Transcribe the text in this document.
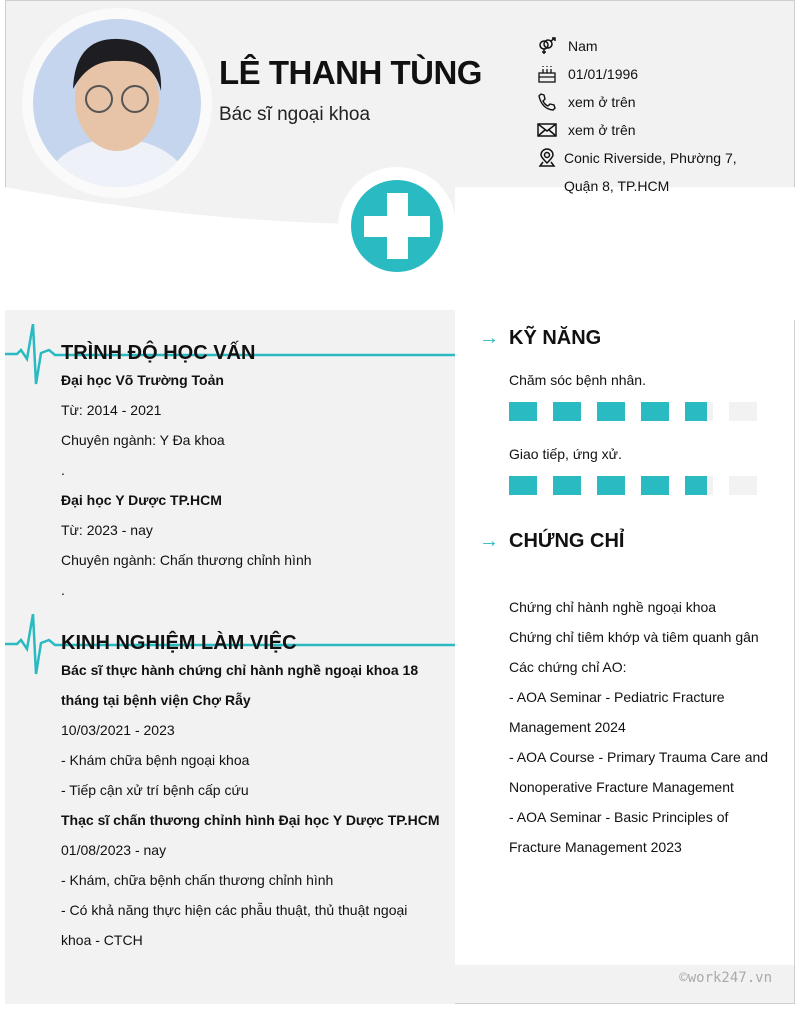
LÊ THANH TÙNG
Bác sĩ ngoại khoa
→ KỸ NĂNG
Chăm sóc bệnh nhân.
Giao tiếp, ứng xử.
→ CHỨNG CHỈ
Chứng chỉ hành nghề ngoại khoa
Chứng chỉ tiêm khớp và tiêm quanh gân
Các chứng chỉ AO:
- AOA Seminar - Pediatric Fracture
Management 2024
- AOA Course - Primary Trauma Care and
Nonoperative Fracture Management
- AOA Seminar - Basic Principles of
Fracture Management 2023
Nam
01/01/1996
xem ở trên
xem ở trên
Conic Riverside, Phường 7,
Quận 8, TP.HCM
TRÌNH ĐỘ HỌC VẤN
Đại học Võ Trường Toản
Từ: 2014 - 2021
Chuyên ngành: Y Đa khoa
.
Đại học Y Dược TP.HCM
Từ: 2023 - nay
Chuyên ngành: Chấn thương chỉnh hình
.
KINH NGHIỆM LÀM VIỆC
Bác sĩ thực hành chứng chỉ hành nghề ngoại khoa 18
tháng tại bệnh viện Chợ Rẫy
10/03/2021 - 2023
- Khám chữa bệnh ngoại khoa
- Tiếp cận xử trí bệnh cấp cứu
Thạc sĩ chấn thương chỉnh hình Đại học Y Dược TP.HCM
01/08/2023 - nay
- Khám, chữa bệnh chấn thương chỉnh hình
- Có khả năng thực hiện các phẫu thuật, thủ thuật ngoại
khoa - CTCH
©work247.vn
